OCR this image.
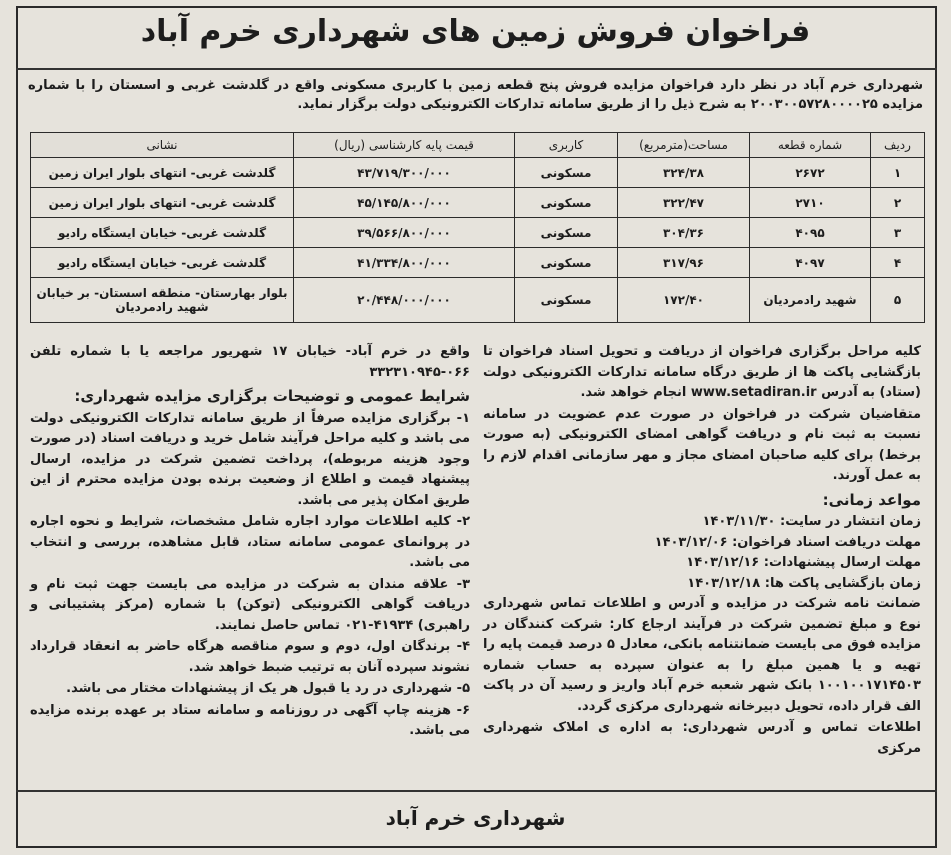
فراخوان فروش زمین های شهرداری خرم آباد
شهرداری خرم آباد در نظر دارد فراخوان مزایده فروش پنج قطعه زمین با کاربری مسکونی واقع در گلدشت غربی و اسستان را با شماره مزایده ۲۰۰۳۰۰۵۷۲۸۰۰۰۰۲۵ به شرح ذیل را از طریق سامانه تدارکات الکترونیکی دولت برگزار نماید.
ردیف	شماره قطعه	مساحت(مترمربع)	کاربری	قیمت پایه کارشناسی (ریال)	نشانی
۱	۲۶۷۲	۳۲۴/۳۸	مسکونی	۴۳/۷۱۹/۳۰۰/۰۰۰	گلدشت غربی- انتهای بلوار ایران زمین
۲	۲۷۱۰	۳۲۲/۴۷	مسکونی	۴۵/۱۴۵/۸۰۰/۰۰۰	گلدشت غربی- انتهای بلوار ایران زمین
۳	۴۰۹۵	۳۰۴/۳۶	مسکونی	۳۹/۵۶۶/۸۰۰/۰۰۰	گلدشت غربی- خیابان ایستگاه رادیو
۴	۴۰۹۷	۳۱۷/۹۶	مسکونی	۴۱/۳۳۴/۸۰۰/۰۰۰	گلدشت غربی- خیابان ایستگاه رادیو
۵	شهید رادمردیان	۱۷۲/۴۰	مسکونی	۲۰/۴۴۸/۰۰۰/۰۰۰	بلوار بهارستان- منطقه اسستان- بر خیابان شهید رادمردیان

کلیه مراحل برگزاری فراخوان از دریافت و تحویل اسناد فراخوان تا بازگشایی پاکت ها از طریق درگاه سامانه تدارکات الکترونیکی دولت (ستاد) به آدرس www.setadiran.ir انجام خواهد شد.

متقاضیان شرکت در فراخوان در صورت عدم عضویت در سامانه نسبت به ثبت نام و دریافت گواهی امضای الکترونیکی (به صورت برخط) برای کلیه صاحبان امضای مجاز و مهر سازمانی اقدام لازم را به عمل آورند.

مواعد زمانی:
زمان انتشار در سایت: ۱۴۰۳/۱۱/۳۰
مهلت دریافت اسناد فراخوان: ۱۴۰۳/۱۲/۰۶
مهلت ارسال پیشنهادات: ۱۴۰۳/۱۲/۱۶
زمان بازگشایی پاکت ها: ۱۴۰۳/۱۲/۱۸

ضمانت نامه شرکت در مزایده و آدرس و اطلاعات تماس شهرداری نوع و مبلغ تضمین شرکت در فرآیند ارجاع کار: شرکت کنندگان در مزایده فوق می بایست ضمانتنامه بانکی، معادل ۵ درصد قیمت پایه را تهیه و یا همین مبلغ را به عنوان سپرده به حساب شماره ۱۰۰۱۰۰۱۷۱۴۵۰۳ بانک شهر شعبه خرم آباد واریز و رسید آن در پاکت الف قرار داده، تحویل دبیرخانه شهرداری مرکزی گردد.

اطلاعات تماس و آدرس شهرداری: به اداره ی املاک شهرداری مرکزی

واقع در خرم آباد- خیابان ۱۷ شهریور مراجعه یا با شماره تلفن ۰۶۶-۳۳۲۳۱۰۹۴۵

شرایط عمومی و توضیحات برگزاری مزایده شهرداری:

۱- برگزاری مزایده صرفاً از طریق سامانه تدارکات الکترونیکی دولت می باشد و کلیه مراحل فرآیند شامل خرید و دریافت اسناد (در صورت وجود هزینه مربوطه)، پرداخت تضمین شرکت در مزایده، ارسال پیشنهاد قیمت و اطلاع از وضعیت برنده بودن مزایده محترم از این طریق امکان پذیر می باشد.

۲- کلیه اطلاعات موارد اجاره شامل مشخصات، شرایط و نحوه اجاره در پروانمای عمومی سامانه ستاد، قابل مشاهده، بررسی و انتخاب می باشد.

۳- علاقه مندان به شرکت در مزایده می بایست جهت ثبت نام و دریافت گواهی الکترونیکی (توکن) با شماره (مرکز پشتیبانی و راهبری) ۴۱۹۳۴-۰۲۱ تماس حاصل نمایند.

۴- برندگان اول، دوم و سوم مناقصه هرگاه حاضر به انعقاد قرارداد نشوند سپرده آنان به ترتیب ضبط خواهد شد.

۵- شهرداری در رد یا قبول هر یک از پیشنهادات مختار می باشد.

۶- هزینه چاپ آگهی در روزنامه و سامانه ستاد بر عهده برنده مزایده می باشد.

شهرداری خرم آباد
